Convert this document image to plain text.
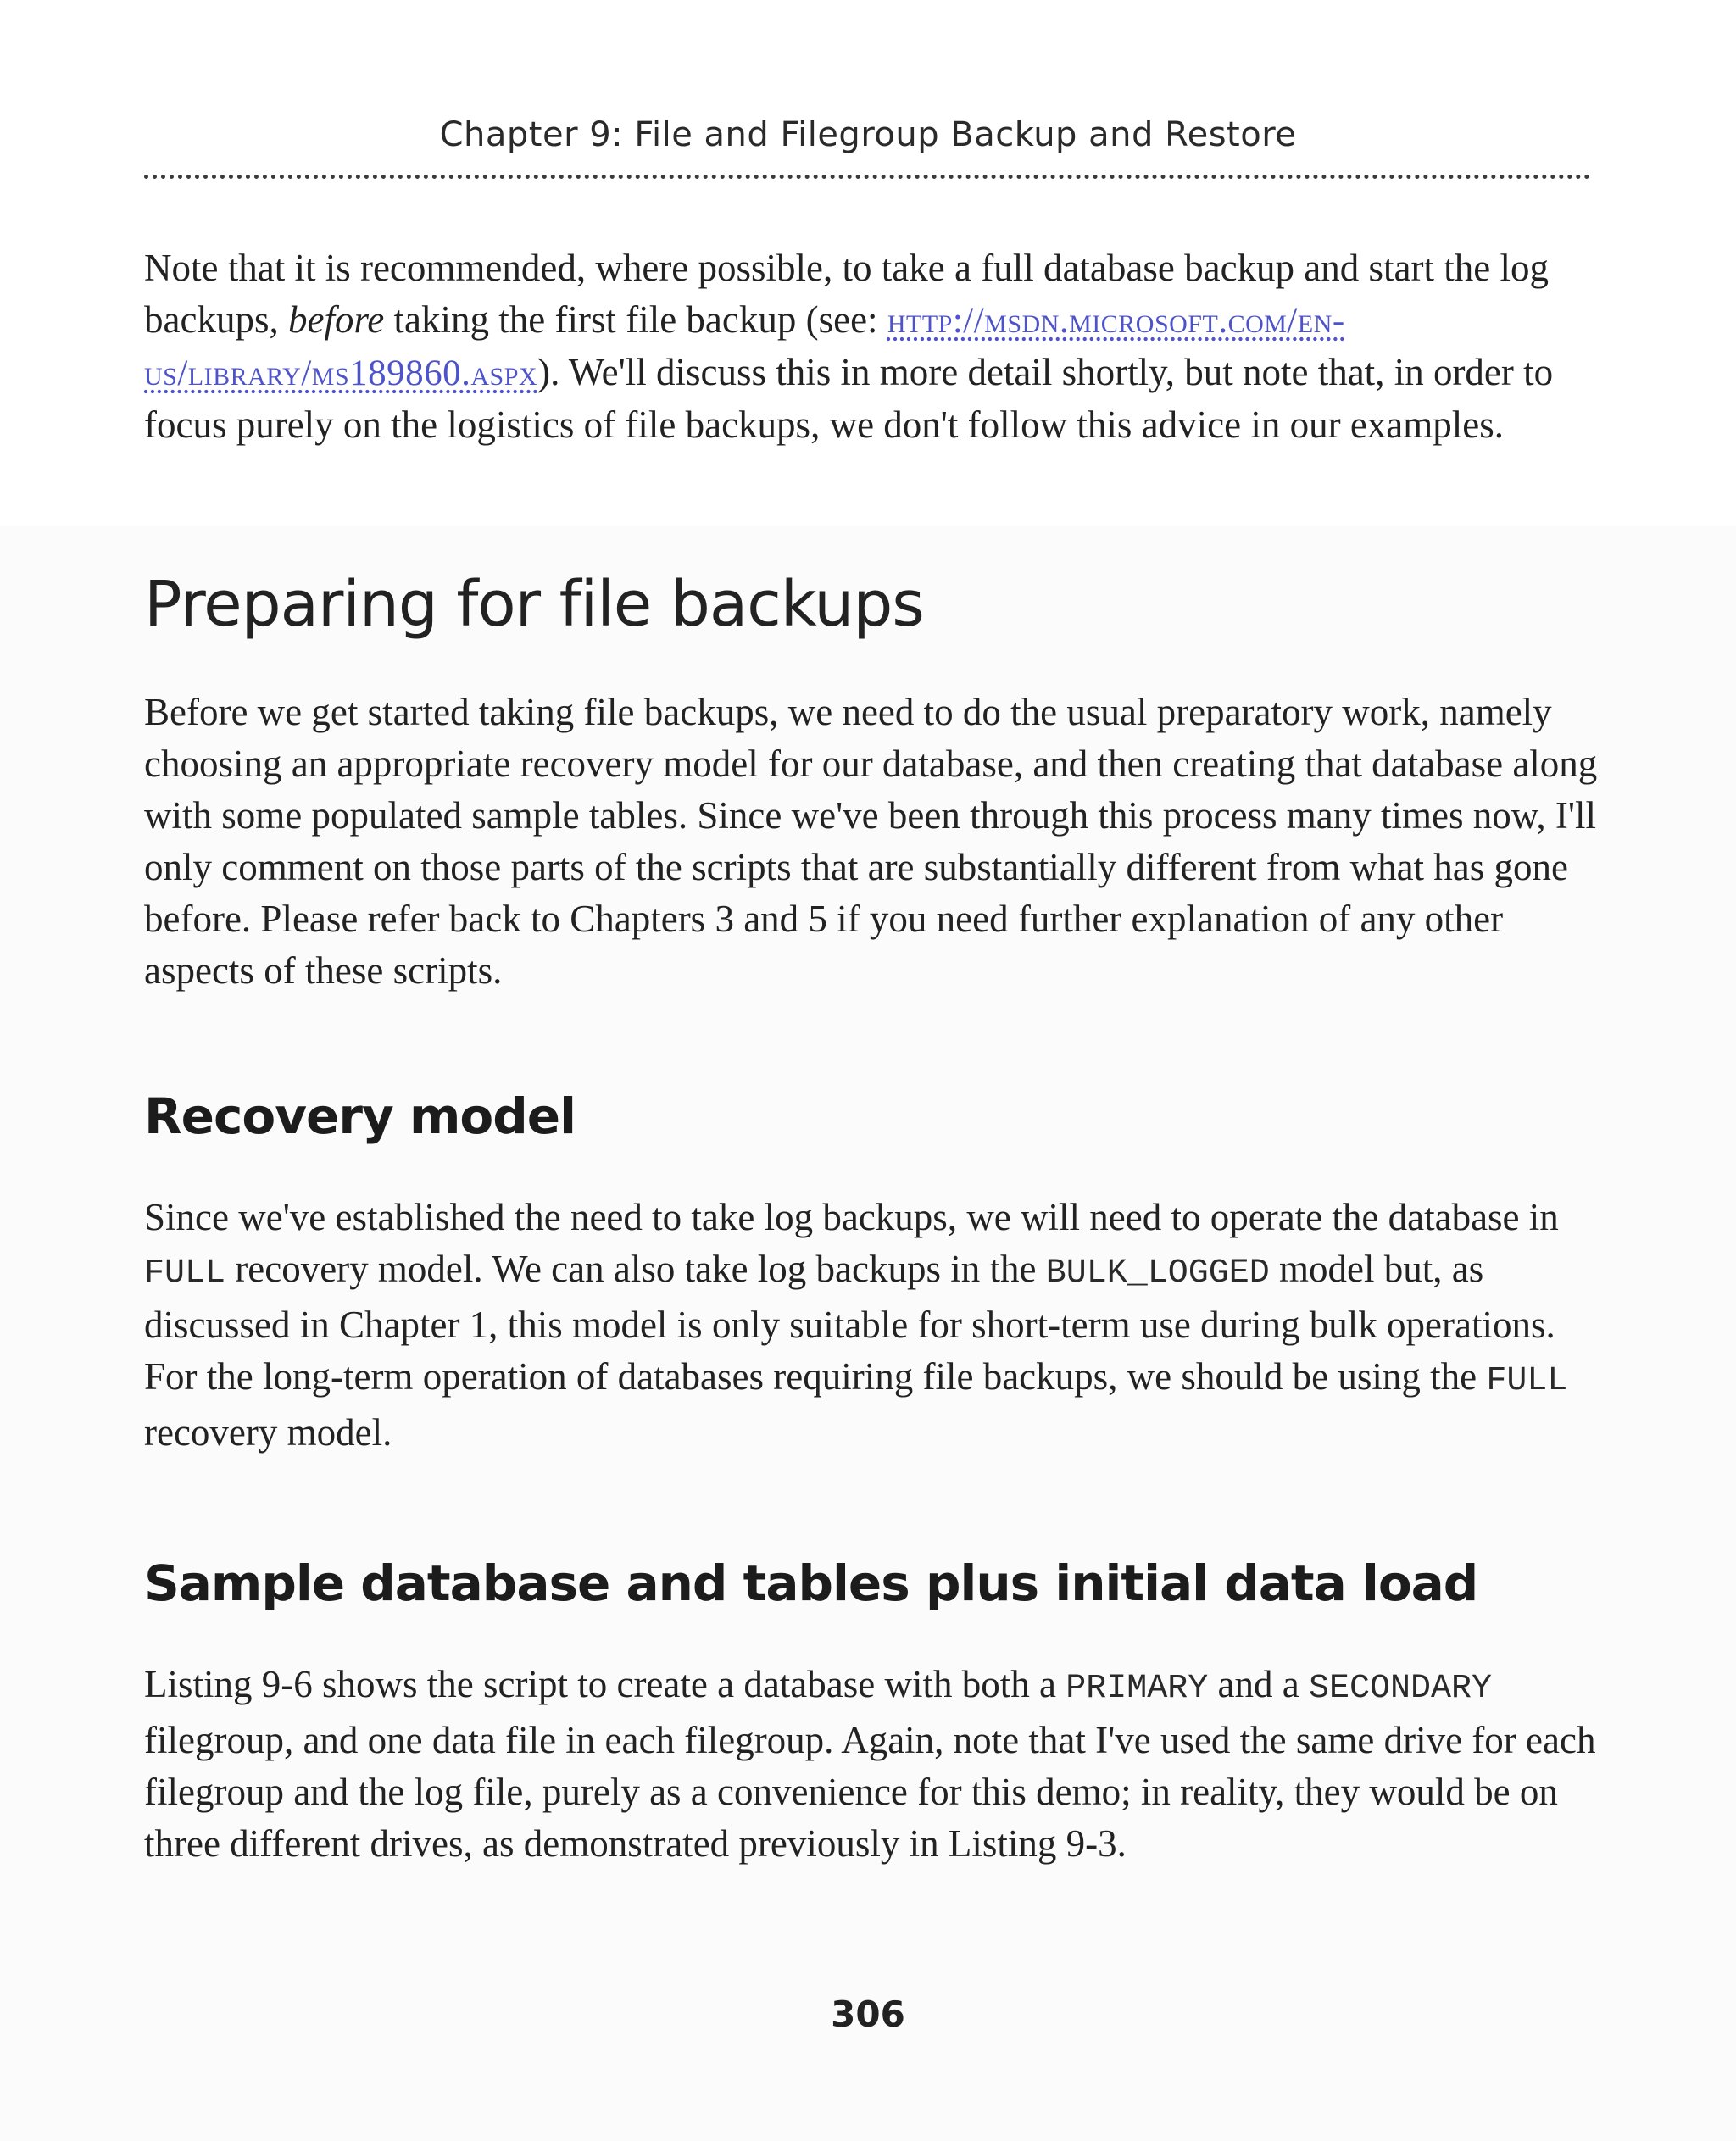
Chapter 9: File and Filegroup Backup and Restore

Note that it is recommended, where possible, to take a full database backup and start the log backups, before taking the first file backup (see: http://msdn.microsoft.com/en-us/library/ms189860.aspx). We'll discuss this in more detail shortly, but note that, in order to focus purely on the logistics of file backups, we don't follow this advice in our examples.

Preparing for file backups

Before we get started taking file backups, we need to do the usual preparatory work, namely choosing an appropriate recovery model for our database, and then creating that database along with some populated sample tables. Since we've been through this process many times now, I'll only comment on those parts of the scripts that are substantially different from what has gone before. Please refer back to Chapters 3 and 5 if you need further explanation of any other aspects of these scripts.

Recovery model

Since we've established the need to take log backups, we will need to operate the database in FULL recovery model. We can also take log backups in the BULK_LOGGED model but, as discussed in Chapter 1, this model is only suitable for short-term use during bulk operations. For the long-term operation of databases requiring file backups, we should be using the FULL recovery model.

Sample database and tables plus initial data load

Listing 9-6 shows the script to create a database with both a PRIMARY and a SECONDARY filegroup, and one data file in each filegroup. Again, note that I've used the same drive for each filegroup and the log file, purely as a convenience for this demo; in reality, they would be on three different drives, as demonstrated previously in Listing 9-3.

306
